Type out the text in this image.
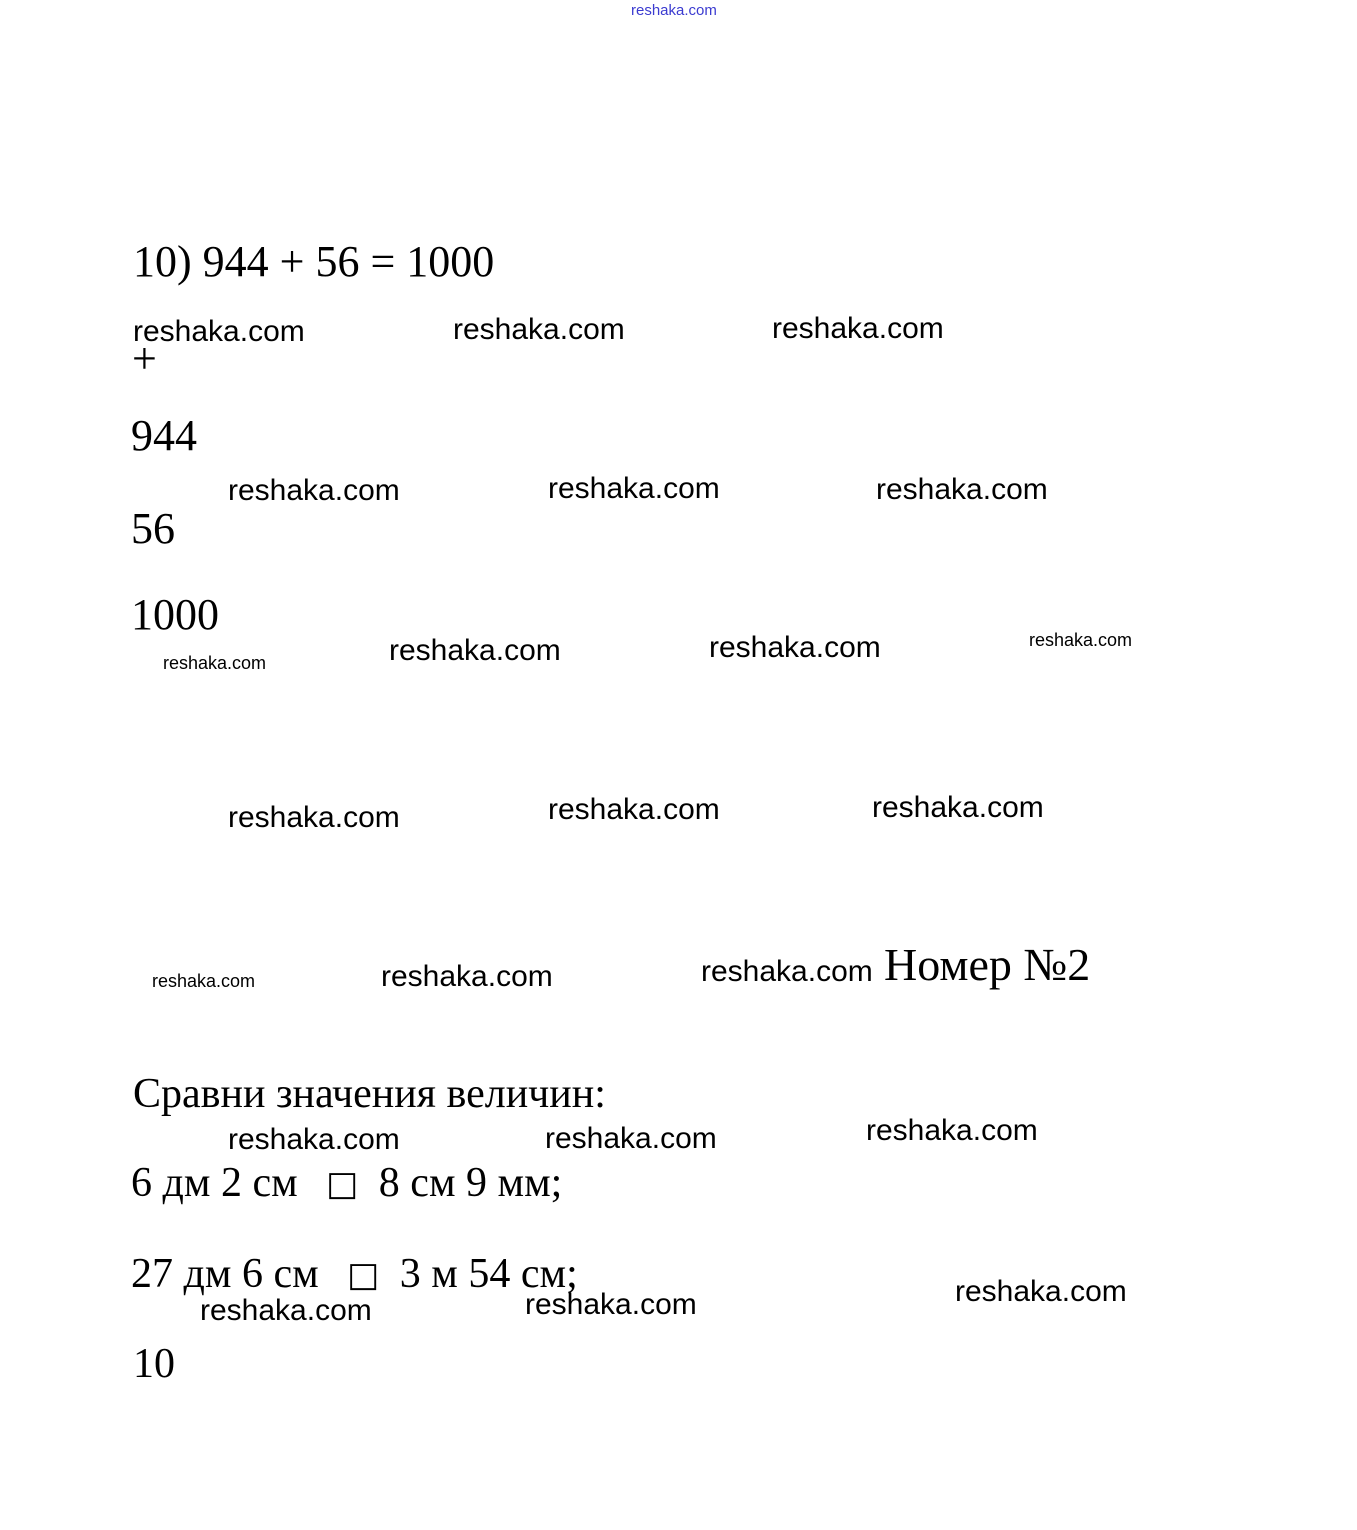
reshaka.com
10) 944 + 56 = 1000
+
944
56
1000
Номер №2
Сравни значения величин:
6 дм 2 см □ 8 см 9 мм;
27 дм 6 см □ 3 м 54 см;
10
reshaka.com	reshaka.com	reshaka.com
reshaka.com	reshaka.com	reshaka.com
reshaka.com	reshaka.com	reshaka.com	reshaka.com
reshaka.com	reshaka.com	reshaka.com
reshaka.com	reshaka.com	reshaka.com
reshaka.com	reshaka.com	reshaka.com
reshaka.com	reshaka.com	reshaka.com
